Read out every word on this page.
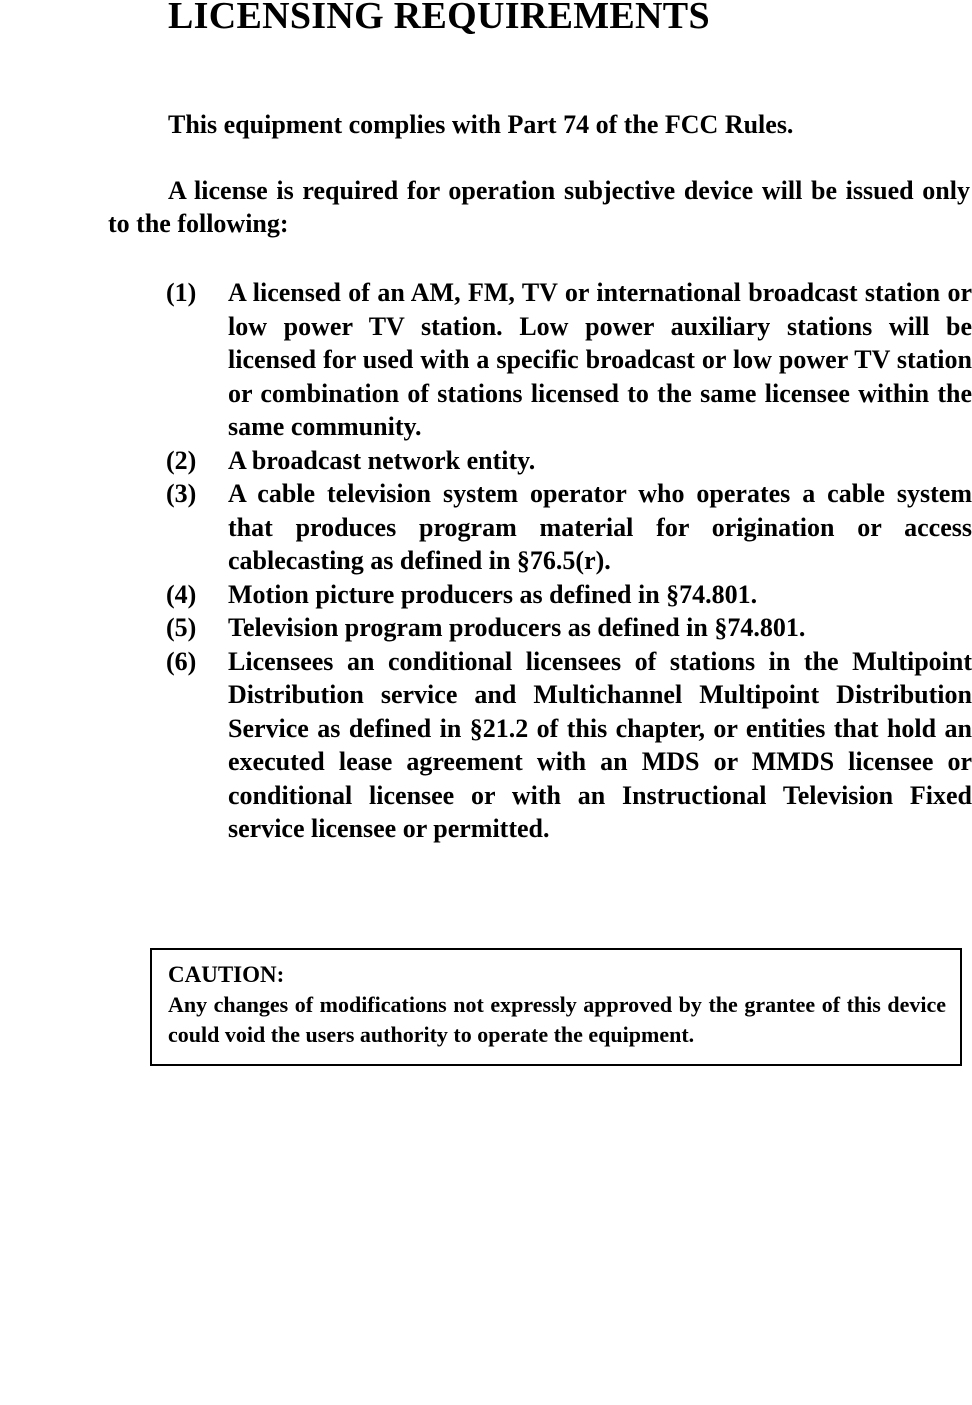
LICENSING REQUIREMENTS

This equipment complies with Part 74 of the FCC Rules.

A license is required for operation subjective device will be issued only to the following:

(1) A licensed of an AM, FM, TV or international broadcast station or low power TV station. Low power auxiliary stations will be licensed for used with a specific broadcast or low power TV station or combination of stations licensed to the same licensee within the same community.
(2) A broadcast network entity.
(3) A cable television system operator who operates a cable system that produces program material for origination or access cablecasting as defined in §76.5(r).
(4) Motion picture producers as defined in §74.801.
(5) Television program producers as defined in §74.801.
(6) Licensees an conditional licensees of stations in the Multipoint Distribution service and Multichannel Multipoint Distribution Service as defined in §21.2 of this chapter, or entities that hold an executed lease agreement with an MDS or MMDS licensee or conditional licensee or with an Instructional Television Fixed service licensee or permitted.

CAUTION:

Any changes of modifications not expressly approved by the grantee of this device could void the users authority to operate the equipment.
